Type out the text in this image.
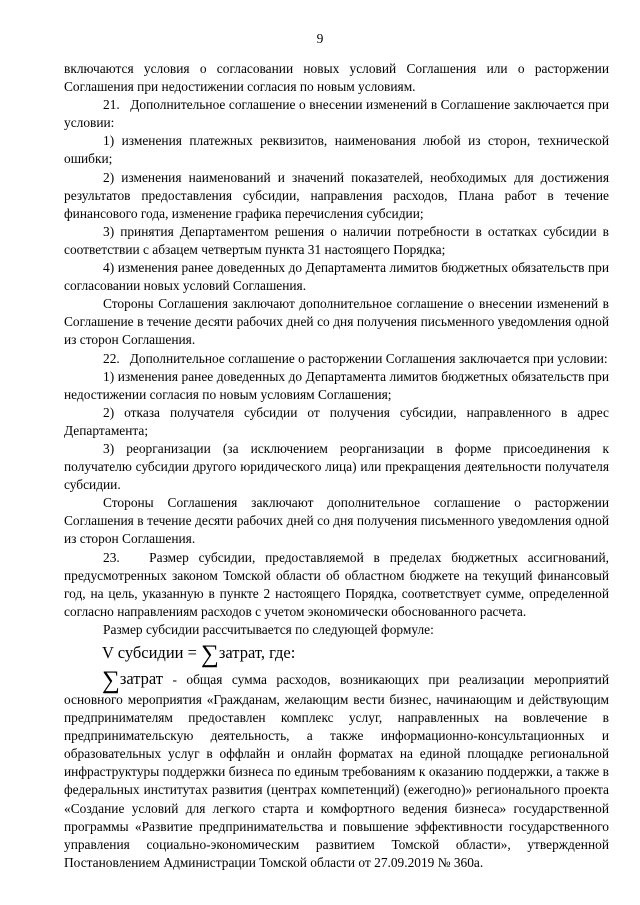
9

включаются условия о согласовании новых условий Соглашения или о расторжении Соглашения при недостижении согласия по новым условиям.

21.   Дополнительное соглашение о внесении изменений в Соглашение заключается при условии:

1) изменения платежных реквизитов, наименования любой из сторон, технической ошибки;

2) изменения наименований и значений показателей, необходимых для достижения результатов предоставления субсидии, направления расходов, Плана работ в течение финансового года, изменение графика перечисления субсидии;

3) принятия Департаментом решения о наличии потребности в остатках субсидии в соответствии с абзацем четвертым пункта 31 настоящего Порядка;

4) изменения ранее доведенных до Департамента лимитов бюджетных обязательств при согласовании новых условий Соглашения.

Стороны Соглашения заключают дополнительное соглашение о внесении изменений в Соглашение в течение десяти рабочих дней со дня получения письменного уведомления одной из сторон Соглашения.

22.   Дополнительное соглашение о расторжении Соглашения заключается при условии:

1) изменения ранее доведенных до Департамента лимитов бюджетных обязательств при недостижении согласия по новым условиям Соглашения;

2) отказа получателя субсидии от получения субсидии, направленного в адрес Департамента;

3) реорганизации (за исключением реорганизации в форме присоединения к получателю субсидии другого юридического лица) или прекращения деятельности получателя субсидии.

Стороны Соглашения заключают дополнительное соглашение о расторжении Соглашения в течение десяти рабочих дней со дня получения письменного уведомления одной из сторон Соглашения.

23.   Размер субсидии, предоставляемой в пределах бюджетных ассигнований, предусмотренных законом Томской области об областном бюджете на текущий финансовый год, на цель, указанную в пункте 2 настоящего Порядка, соответствует сумме, определенной согласно направлениям расходов с учетом экономически обоснованного расчета.

Размер субсидии рассчитывается по следующей формуле:

V субсидии = ∑затрат, где:
∑затрат - общая сумма расходов, возникающих при реализации мероприятий

основного мероприятия «Гражданам, желающим вести бизнес, начинающим и действующим предпринимателям предоставлен комплекс услуг, направленных на вовлечение в предпринимательскую деятельность, а также информационно-консультационных и образовательных услуг в оффлайн и онлайн форматах на единой площадке региональной инфраструктуры поддержки бизнеса по единым требованиям к оказанию поддержки, а также в федеральных институтах развития (центрах компетенций) (ежегодно)» регионального проекта «Создание условий для легкого старта и комфортного ведения бизнеса» государственной программы «Развитие предпринимательства и повышение эффективности государственного управления социально-экономическим развитием Томской области», утвержденной Постановлением Администрации Томской области от 27.09.2019 № 360а.
